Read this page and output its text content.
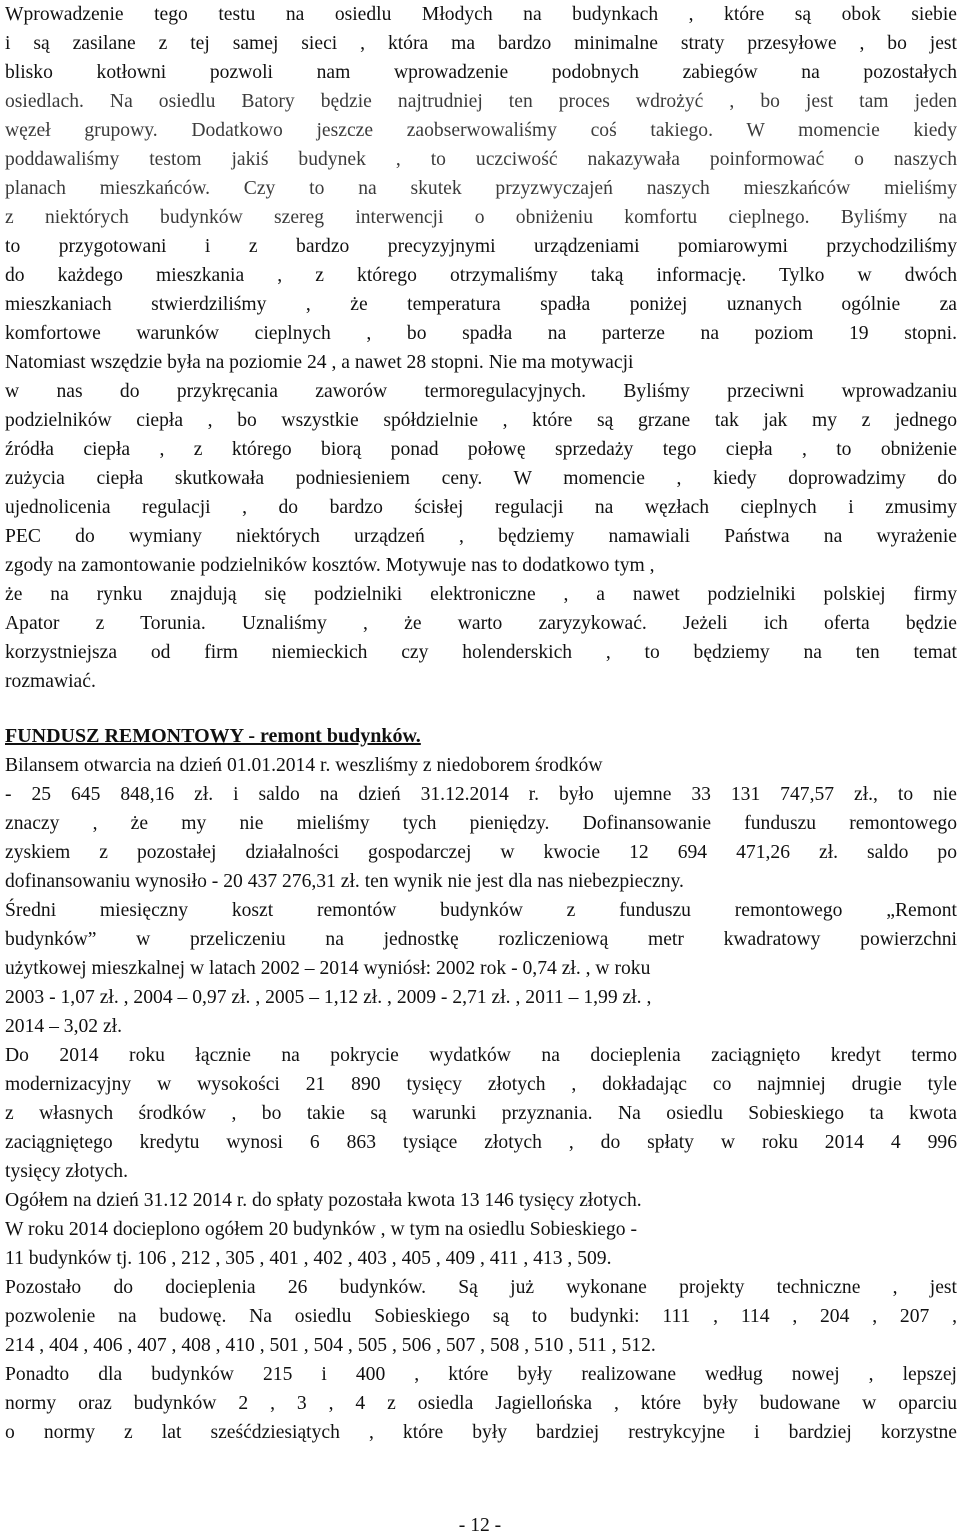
Wprowadzenie tego testu na osiedlu Młodych na budynkach , które są obok siebie
i są zasilane z tej samej sieci , która ma bardzo minimalne straty przesyłowe , bo jest
blisko kotłowni pozwoli nam wprowadzenie podobnych zabiegów na pozostałych
osiedlach. Na osiedlu Batory będzie najtrudniej ten proces wdrożyć , bo jest tam jeden
węzeł grupowy. Dodatkowo jeszcze zaobserwowaliśmy coś takiego. W momencie kiedy
poddawaliśmy testom jakiś budynek , to uczciwość nakazywała poinformować o naszych
planach mieszkańców. Czy to na skutek przyzwyczajeń naszych mieszkańców mieliśmy
z niektórych budynków szereg interwencji o obniżeniu komfortu cieplnego. Byliśmy na
to przygotowani i z bardzo precyzyjnymi urządzeniami pomiarowymi przychodziliśmy
do każdego mieszkania , z którego otrzymaliśmy taką informację. Tylko w dwóch
mieszkaniach stwierdziliśmy , że temperatura spadła poniżej uznanych ogólnie za
komfortowe warunków cieplnych , bo spadła na parterze na poziom 19 stopni.
Natomiast wszędzie była na poziomie 24 , a nawet 28 stopni. Nie ma motywacji
w nas do przykręcania zaworów termoregulacyjnych. Byliśmy przeciwni wprowadzaniu
podzielników ciepła , bo wszystkie spółdzielnie , które są grzane tak jak my z jednego
źródła ciepła , z którego biorą ponad połowę sprzedaży tego ciepła , to obniżenie
zużycia ciepła skutkowała podniesieniem ceny. W momencie , kiedy doprowadzimy do
ujednolicenia regulacji , do bardzo ścisłej regulacji na węzłach cieplnych i zmusimy
PEC do wymiany niektórych urządzeń , będziemy namawiali Państwa na wyrażenie
zgody na zamontowanie podzielników kosztów. Motywuje nas to dodatkowo tym ,
że na rynku znajdują się podzielniki elektroniczne , a nawet podzielniki polskiej firmy
Apator z Torunia. Uznaliśmy , że warto zaryzykować. Jeżeli ich oferta będzie
korzystniejsza od firm niemieckich czy holenderskich , to będziemy na ten temat
rozmawiać.
FUNDUSZ REMONTOWY - remont budynków.
Bilansem otwarcia na dzień 01.01.2014 r. weszliśmy z niedoborem środków
- 25 645 848,16 zł. i saldo na dzień 31.12.2014 r. było ujemne 33 131 747,57 zł., to nie
znaczy , że my nie mieliśmy tych pieniędzy. Dofinansowanie funduszu remontowego
zyskiem z pozostałej działalności gospodarczej w kwocie 12 694 471,26 zł. saldo po
dofinansowaniu wynosiło - 20 437 276,31 zł. ten wynik nie jest dla nas niebezpieczny.
Średni miesięczny koszt remontów budynków z funduszu remontowego „Remont
budynków” w przeliczeniu na jednostkę rozliczeniową metr kwadratowy powierzchni
użytkowej mieszkalnej w latach 2002 – 2014 wyniósł: 2002 rok - 0,74 zł. , w roku
2003 - 1,07 zł. , 2004 – 0,97 zł. , 2005 – 1,12 zł. , 2009 - 2,71 zł. , 2011 – 1,99 zł. ,
2014 – 3,02 zł.
Do 2014 roku łącznie na pokrycie wydatków na docieplenia zaciągnięto kredyt termo
modernizacyjny w wysokości 21 890 tysięcy złotych , dokładając co najmniej drugie tyle
z własnych środków , bo takie są warunki przyznania. Na osiedlu Sobieskiego ta kwota
zaciągniętego kredytu wynosi 6 863 tysiące złotych , do spłaty w roku 2014 4 996
tysięcy złotych.
Ogółem na dzień 31.12 2014 r. do spłaty pozostała kwota 13 146 tysięcy złotych.
W roku 2014 docieplono ogółem 20 budynków , w tym na osiedlu Sobieskiego -
11 budynków tj. 106 , 212 , 305 , 401 , 402 , 403 , 405 , 409 , 411 , 413 , 509.
Pozostało do docieplenia 26 budynków. Są już wykonane projekty techniczne , jest
pozwolenie na budowę. Na osiedlu Sobieskiego są to budynki: 111 , 114 , 204 , 207 ,
214 , 404 , 406 , 407 , 408 , 410 , 501 , 504 , 505 , 506 , 507 , 508 , 510 , 511 , 512.
Ponadto dla budynków 215 i 400 , które były realizowane według nowej , lepszej
normy oraz budynków 2 , 3 , 4 z osiedla Jagiellońska , które były budowane w oparciu
o normy z lat sześćdziesiątych , które były bardziej restrykcyjne i bardziej korzystne
- 12 -
